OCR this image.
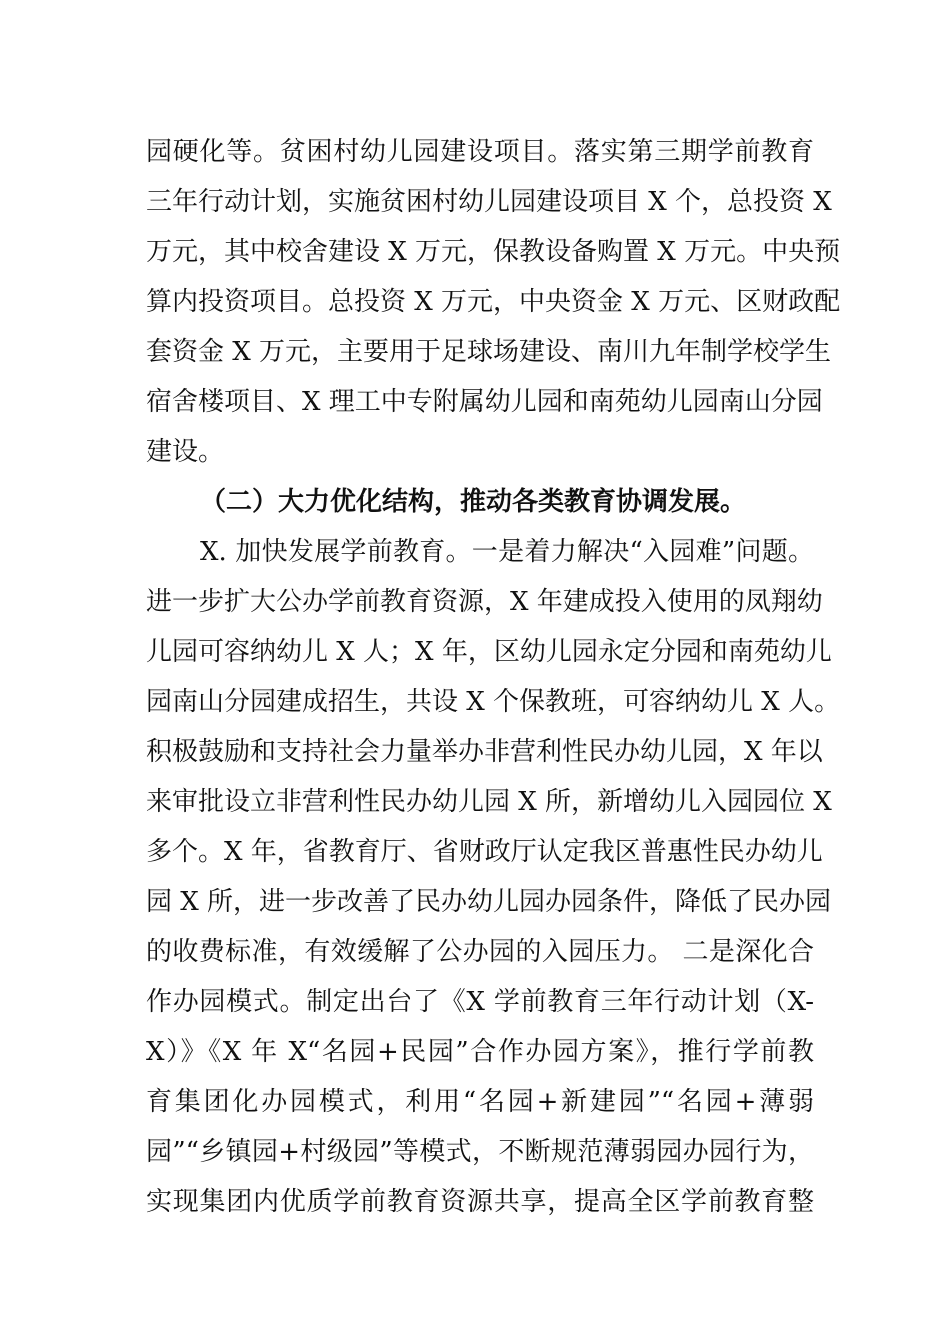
园硬化等。贫困村幼儿园建设项目。落实第三期学前教育
三年行动计划，实施贫困村幼儿园建设项目 X 个，总投资 X
万元，其中校舍建设 X 万元，保教设备购置 X 万元。中央预
算内投资项目。总投资 X 万元，中央资金 X 万元、区财政配
套资金 X 万元，主要用于足球场建设、南川九年制学校学生
宿舍楼项目、X 理工中专附属幼儿园和南苑幼儿园南山分园
建设。
（二）大力优化结构，推动各类教育协调发展。
X. 加快发展学前教育。一是着力解决“入园难”问题。
进一步扩大公办学前教育资源，X 年建成投入使用的凤翔幼
儿园可容纳幼儿 X 人；X 年，区幼儿园永定分园和南苑幼儿
园南山分园建成招生，共设 X 个保教班，可容纳幼儿 X 人。
积极鼓励和支持社会力量举办非营利性民办幼儿园，X 年以
来审批设立非营利性民办幼儿园 X 所，新增幼儿入园园位 X
多个。X 年，省教育厅、省财政厅认定我区普惠性民办幼儿
园 X 所，进一步改善了民办幼儿园办园条件，降低了民办园
的收费标准，有效缓解了公办园的入园压力。 二是深化合
作办园模式。制定出台了《X 学前教育三年行动计划（X-
X）》《X 年 X“名园+民园”合作办园方案》，推行学前教
育集团化办园模式，利用“名园+新建园”“名园+薄弱
园”“乡镇园+村级园”等模式，不断规范薄弱园办园行为，
实现集团内优质学前教育资源共享，提高全区学前教育整
